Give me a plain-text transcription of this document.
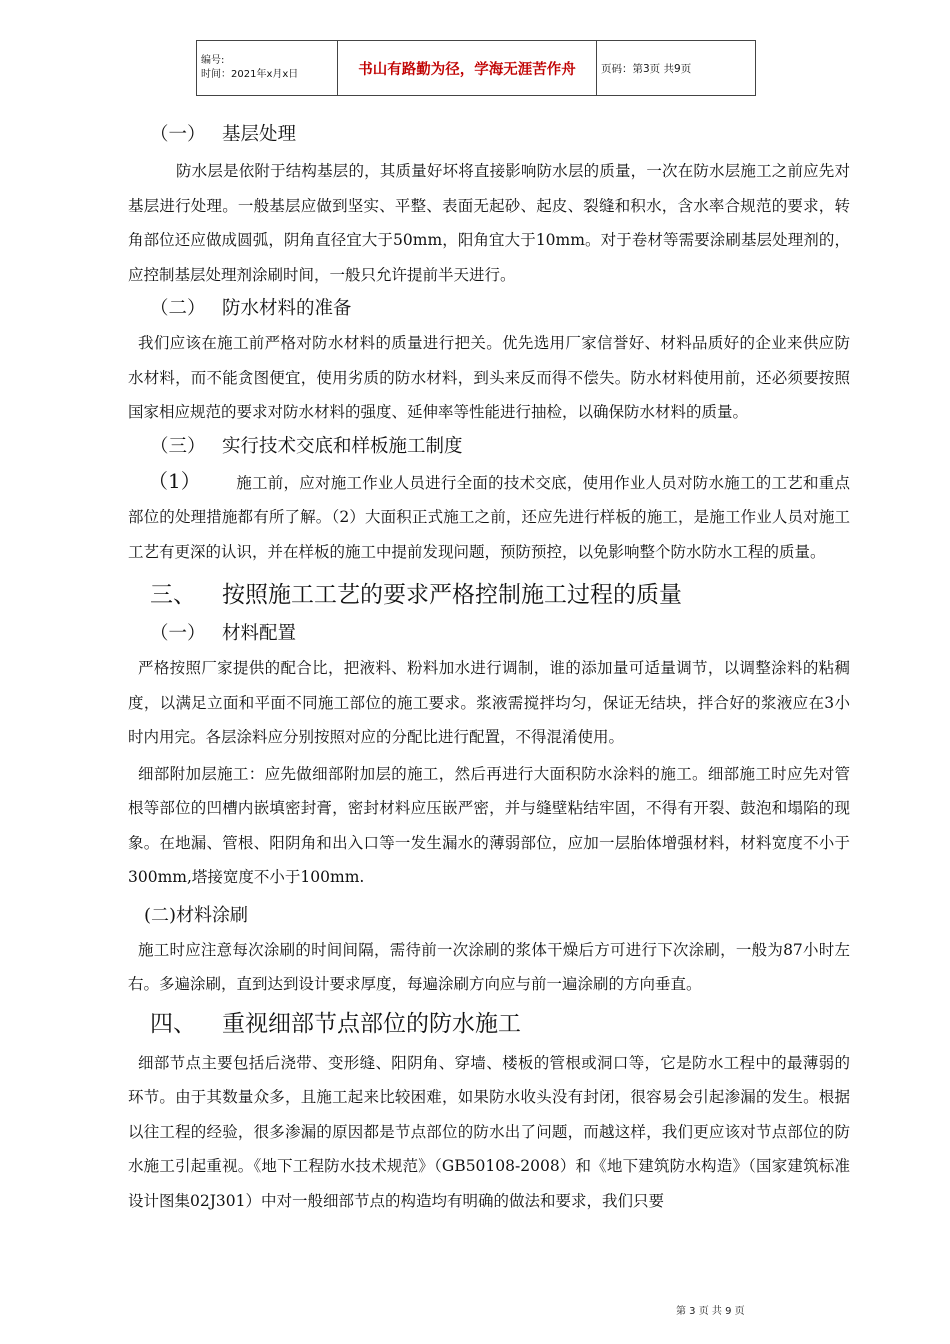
编号:
时间：2021年x月x日	书山有路勤为径，学海无涯苦作舟	页码：第3页 共9页

（一） 基层处理

防水层是依附于结构基层的，其质量好坏将直接影响防水层的质量，一次在防水层施工之前应先对基层进行处理。一般基层应做到坚实、平整、表面无起砂、起皮、裂缝和积水，含水率合规范的要求，转角部位还应做成圆弧，阴角直径宜大于50mm，阳角宜大于10mm。对于卷材等需要涂刷基层处理剂的，应控制基层处理剂涂刷时间，一般只允许提前半天进行。

（二） 防水材料的准备

我们应该在施工前严格对防水材料的质量进行把关。优先选用厂家信誉好、材料品质好的企业来供应防水材料，而不能贪图便宜，使用劣质的防水材料，到头来反而得不偿失。防水材料使用前，还必须要按照国家相应规范的要求对防水材料的强度、延伸率等性能进行抽检，以确保防水材料的质量。

（三） 实行技术交底和样板施工制度

（1） 施工前，应对施工作业人员进行全面的技术交底，使用作业人员对防水施工的工艺和重点部位的处理措施都有所了解。（2）大面积正式施工之前，还应先进行样板的施工，是施工作业人员对施工工艺有更深的认识，并在样板的施工中提前发现问题，预防预控，以免影响整个防水防水工程的质量。

三、 按照施工工艺的要求严格控制施工过程的质量

（一） 材料配置

严格按照厂家提供的配合比，把液料、粉料加水进行调制，谁的添加量可适量调节，以调整涂料的粘稠度，以满足立面和平面不同施工部位的施工要求。浆液需搅拌均匀，保证无结块，拌合好的浆液应在3小时内用完。各层涂料应分别按照对应的分配比进行配置，不得混淆使用。

细部附加层施工：应先做细部附加层的施工，然后再进行大面积防水涂料的施工。细部施工时应先对管根等部位的凹槽内嵌填密封膏，密封材料应压嵌严密，并与缝壁粘结牢固，不得有开裂、鼓泡和塌陷的现象。在地漏、管根、阳阴角和出入口等一发生漏水的薄弱部位，应加一层胎体增强材料，材料宽度不小于300mm,塔接宽度不小于100mm.

(二)材料涂刷

施工时应注意每次涂刷的时间间隔，需待前一次涂刷的浆体干燥后方可进行下次涂刷，一般为87小时左右。多遍涂刷，直到达到设计要求厚度，每遍涂刷方向应与前一遍涂刷的方向垂直。

四、 重视细部节点部位的防水施工

细部节点主要包括后浇带、变形缝、阳阴角、穿墙、楼板的管根或洞口等，它是防水工程中的最薄弱的环节。由于其数量众多，且施工起来比较困难，如果防水收头没有封闭，很容易会引起渗漏的发生。根据以往工程的经验，很多渗漏的原因都是节点部位的防水出了问题，而越这样，我们更应该对节点部位的防水施工引起重视。《地下工程防水技术规范》（GB50108-2008）和《地下建筑防水构造》（国家建筑标准设计图集02J301）中对一般细部节点的构造均有明确的做法和要求，我们只要

第 3 页 共 9 页
